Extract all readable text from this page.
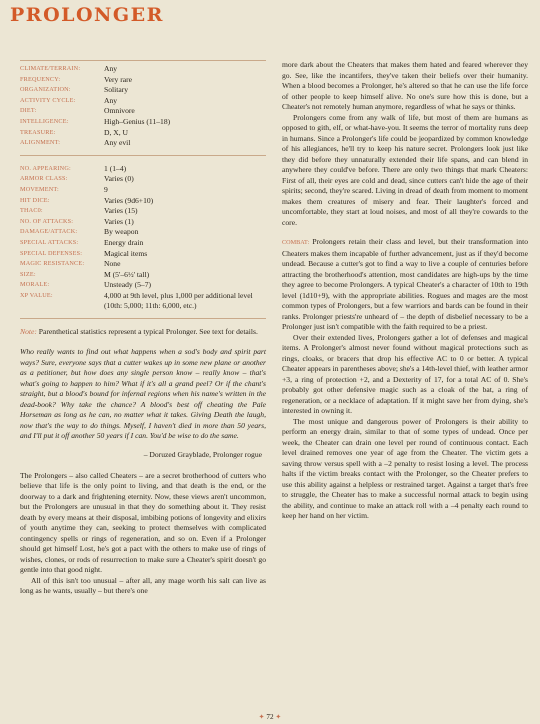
PROLONGER
CLIMATE/TERRAIN:	Any
FREQUENCY:	Very rare
ORGANIZATION:	Solitary
ACTIVITY CYCLE:	Any
DIET:	Omnivore
INTELLIGENCE:	High–Genius (11–18)
TREASURE:	D, X, U
ALIGNMENT:	Any evil
NO. APPEARING:	1 (1–4)
ARMOR CLASS:	Varies (0)
MOVEMENT:	9
HIT DICE:	Varies (9d6+10)
THAC0:	Varies (15)
NO. OF ATTACKS:	Varies (1)
DAMAGE/ATTACK:	By weapon
SPECIAL ATTACKS:	Energy drain
SPECIAL DEFENSES:	Magical items
MAGIC RESISTANCE:	None
SIZE:	M (5'–6½' tall)
MORALE:	Unsteady (5–7)
XP VALUE:	4,000 at 9th level, plus 1,000 per additional level
	(10th: 5,000; 11th: 6,000, etc.)

Note: Parenthetical statistics represent a typical Prolonger. See text for details.

Who really wants to find out what happens when a sod's body and spirit part ways? Sure, everyone says that a cutter wakes up in some new plane or another as a petitioner, but how does any single person know – really know – that's what's going to happen to him? What if it's all a grand peel? Or if the chant's straight, but a blood's bound for infernal regions when his name's written in the dead-book? Why take the chance? A blood's best off cheating the Pale Horseman as long as he can, no matter what it takes. Giving Death the laugh, now that's the way to do things. Myself, I haven't died in more than 50 years, and I'll put it off another 50 years if I can. You'd be wise to do the same.

– Doruzed Grayblade, Prolonger rogue

The Prolongers – also called Cheaters – are a secret brotherhood of cutters who believe that life is the only point to living, and that death is the end, or the doorway to a dark and frightening eternity. Now, these views aren't uncommon, but the Prolongers are unusual in that they do something about it. They resist death by every means at their disposal, imbibing potions of longevity and elixirs of youth anytime they can, seeking to protect themselves with complicated contingency spells or rings of regeneration, and so on. Even if a Prolonger should get himself Lost, he's got a pact with the others to make use of rings of wishes, clones, or rods of resurrection to make sure a Cheater's spirit doesn't go gentle into that good night.

All of this isn't too unusual – after all, any mage worth his salt can live as long as he wants, usually – but there's one

more dark about the Cheaters that makes them hated and feared wherever they go. See, like the incantifers, they've taken their beliefs over their humanity. When a blood becomes a Prolonger, he's altered so that he can use the life force of other people to keep himself alive. No one's sure how this is done, but a Cheater's not remotely human anymore, regardless of what he says or thinks.

Prolongers come from any walk of life, but most of them are humans as opposed to gith, elf, or what-have-you. It seems the terror of mortality runs deep in humans. Since a Prolonger's life could be jeopardized by common knowledge of his allegiances, he'll try to keep his nature secret. Prolongers look just like they did before they unnaturally extended their life spans, and can blend in anywhere they could've before. There are only two things that mark Cheaters: First of all, their eyes are cold and dead, since cutters can't hide the age of their spirits; second, they're scared. Living in dread of death from moment to moment makes them creatures of misery and fear. Their laughter's forced and uncomfortable, they start at loud noises, and most of all they're cowards to the core.

COMBAT: Prolongers retain their class and level, but their transformation into Cheaters makes them incapable of further advancement, just as if they'd become undead. Because a cutter's got to find a way to live a couple of centuries before attracting the brotherhood's attention, most candidates are high-ups by the time they agree to become Prolongers. A typical Cheater's a character of 10th to 19th level (1d10+9), with the appropriate abilities. Rogues and mages are the most common types of Prolongers, but a few warriors and bards can be found in their ranks. Prolonger priests're unheard of – the depth of disbelief necessary to be a Prolonger just isn't compatible with the faith required to be a priest.

Over their extended lives, Prolongers gather a lot of defenses and magical items. A Prolonger's almost never found without magical protections such as rings, cloaks, or bracers that drop his effective AC to 0 or better. A typical Cheater appears in parentheses above; she's a 14th-level thief, with leather armor +3, a ring of protection +2, and a Dexterity of 17, for a total AC of 0. She's probably got other defensive magic such as a cloak of the bat, a ring of regeneration, or a necklace of adaptation. If it might save her from dying, she's interested in owning it.

The most unique and dangerous power of Prolongers is their ability to perform an energy drain, similar to that of some types of undead. Once per week, the Cheater can drain one level per round of continuous contact. Each level drained removes one year of age from the Cheater. The victim gets a saving throw versus spell with a –2 penalty to resist losing a level. The process halts if the victim breaks contact with the Prolonger, so the Cheater prefers to use this ability against a helpless or restrained target. Against a target that's free to struggle, the Cheater has to make a successful normal attack to begin using the ability, and continue to make an attack roll with a –4 penalty each round to keep her hand on her victim.

✦ 72 ✦
